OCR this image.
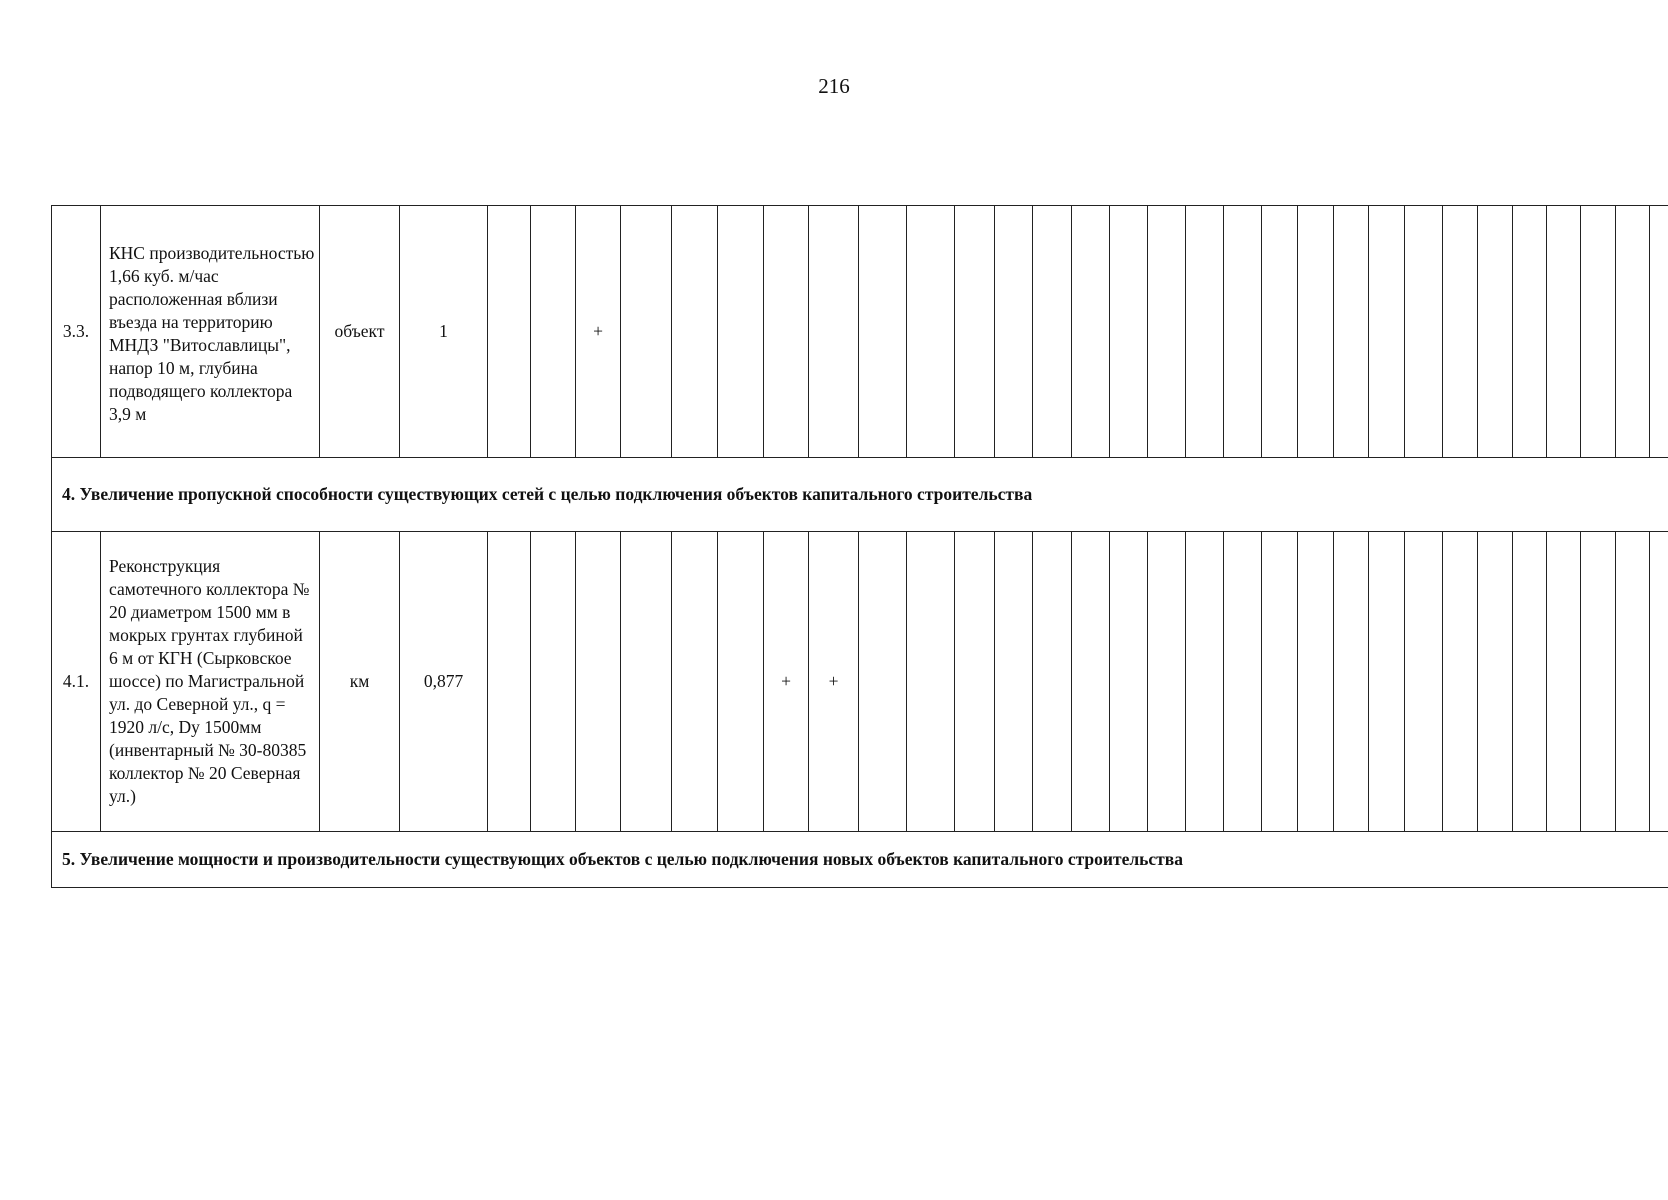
216
3.3.	КНС производительностью 1,66 куб. м/час расположенная вблизи въезда на территорию МНДЗ "Витославлицы", напор 10 м, глубина подводящего коллектора 3,9 м	объект	1			+																											
4. Увеличение пропускной способности существующих сетей с целью подключения объектов капитального строительства																																	
4.1.	Реконструкция самотечного коллектора № 20 диаметром 1500 мм в мокрых грунтах глубиной 6 м от КГН (Сырковское шоссе) по Магистральной ул. до Северной ул., q = 1920 л/с, Dy 1500мм (инвентарный № 30-80385 коллектор № 20 Северная ул.)	км	0,877							+	+																						
5. Увеличение мощности и производительности существующих объектов с целью подключения новых объектов капитального строительства																																	
